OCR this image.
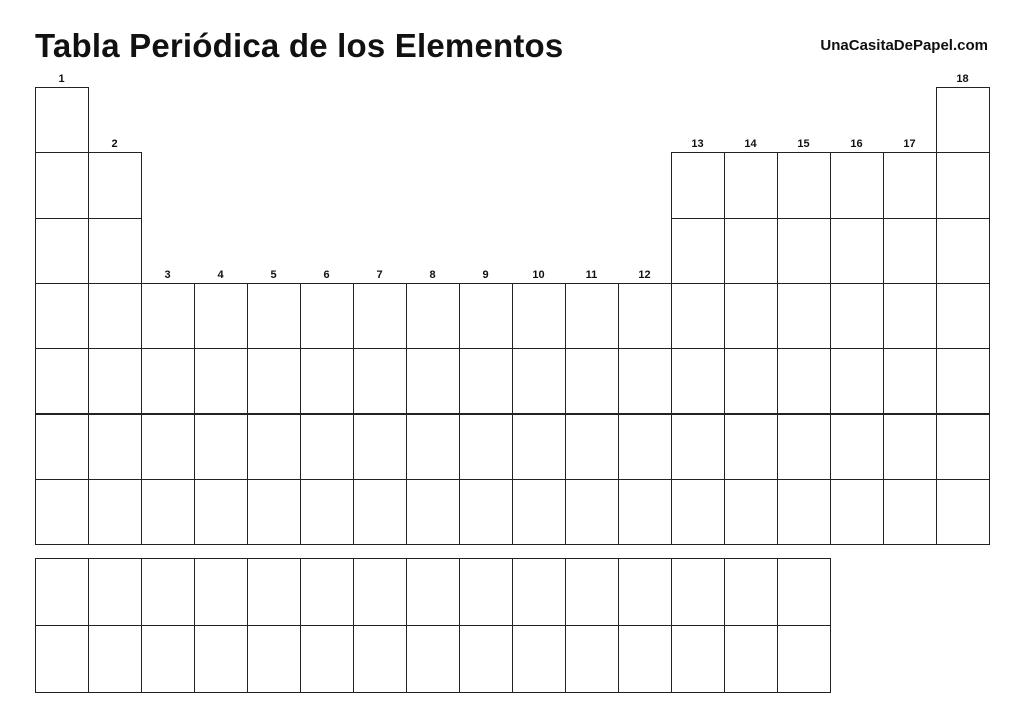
Tabla Periódica de los Elementos	UnaCasitaDePapel.com
1
2
3	4	5	6	7	8	9	10	11	12
13	14	15	16	17
18
